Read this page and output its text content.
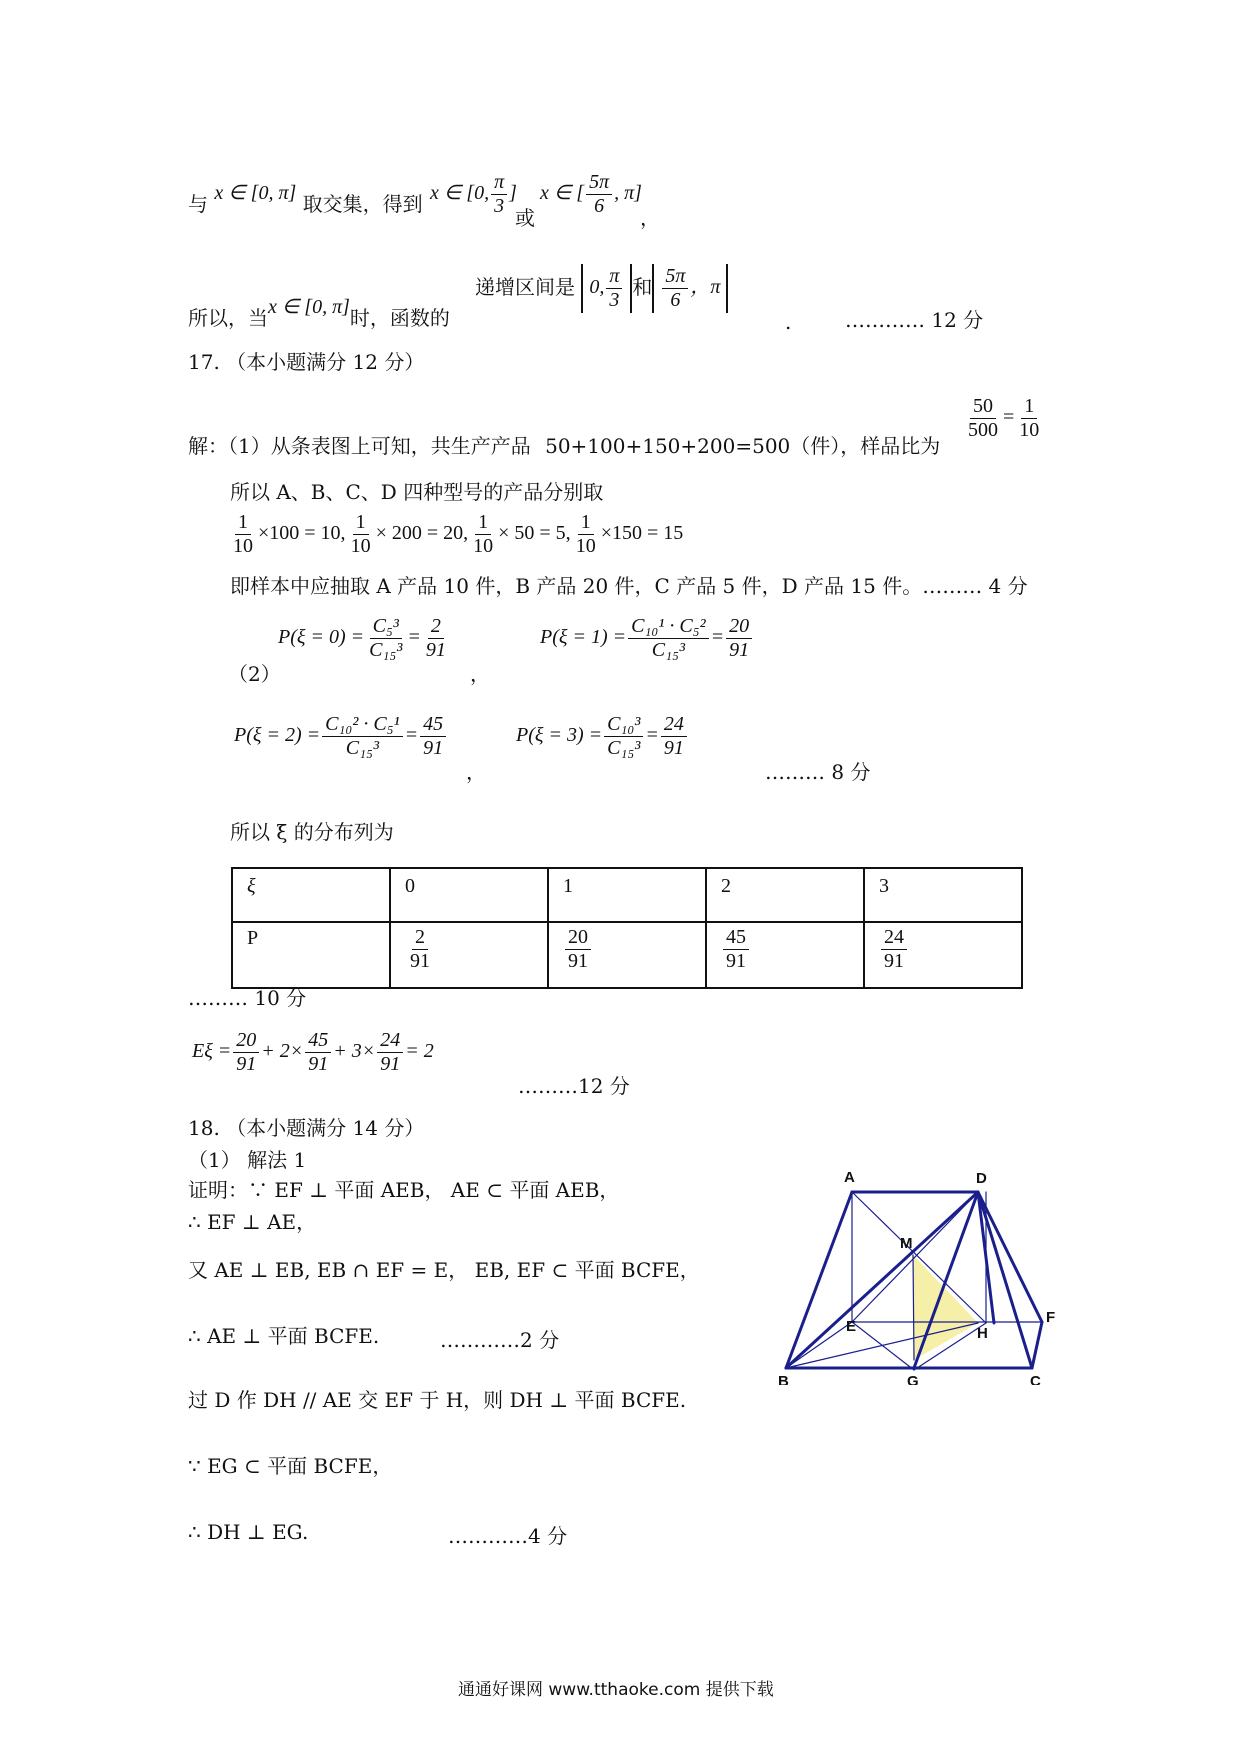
与 x ∈ [0, π] 取交集，得到 x ∈ [0, $\frac{\pi}{3}$ ]
或
x ∈ [ $\frac{5\pi}{6}$ , π]
，
所以，当x ∈ [0, π]时，函数的
递增区间是 0, $\frac{\pi}{3}$ 和 $\frac{5\pi}{6}$ ，π
.	………… 12 分
17. （本小题满分 12 分）
解：（1）从条表图上可知，共生产产品 50+100+150+200=500（件），样品比为
$\frac{50}{500} = \frac{1}{10}$
所以 A、B、C、D 四种型号的产品分别取
$\frac{1}{10} \times 100 = 10$, $\frac{1}{10} \times 200 = 20$, $\frac{1}{10} \times 50 = 5$, $\frac{1}{10} \times 150 = 15$
即样本中应抽取 A 产品 10 件，B 产品 20 件，C 产品 5 件，D 产品 15 件。……… 4 分
（2）
$P(\xi = 0) = \frac{\text{C₅³}}{\text{C₁₅³}} = \frac{2}{91}$
，
$P(\xi = 1) = \frac{\text{C₁₀¹ · C₅²}}{\text{C₁₅³}} = \frac{20}{91}$
$P(\xi = 2) = \frac{\text{C₁₀² · C₅¹}}{\text{C₁₅³}} = \frac{45}{91}$
，
$P(\xi = 3) = \frac{\text{C₁₀³}}{\text{C₁₅³}} = \frac{24}{91}$
……… 8 分
所以 ξ 的分布列为
ξ	0	1	2	3
P	$\frac{2}{91}$	$\frac{20}{91}$	$\frac{45}{91}$	$\frac{24}{91}$
……… 10 分
$E\xi = \frac{20}{91} + 2\times \frac{45}{91} + 3\times \frac{24}{91} = 2$
………12 分
18. （本小题满分 14 分）
（1） 解法 1
证明：∵ EF ⊥ 平面 AEB， AE ⊂ 平面 AEB，
∴ EF ⊥ AE，
又 AE ⊥ EB, EB ∩ EF = E， EB, EF ⊂ 平面 BCFE，
∴ AE ⊥ 平面 BCFE.	…………2 分
过 D 作 DH // AE 交 EF 于 H，则 DH ⊥ 平面 BCFE.
∵ EG ⊂ 平面 BCFE，
∴ DH ⊥ EG.	…………4 分
A	D
M
E	H
F
B	G	C
通通好课网 www.tthaoke.com 提供下载
